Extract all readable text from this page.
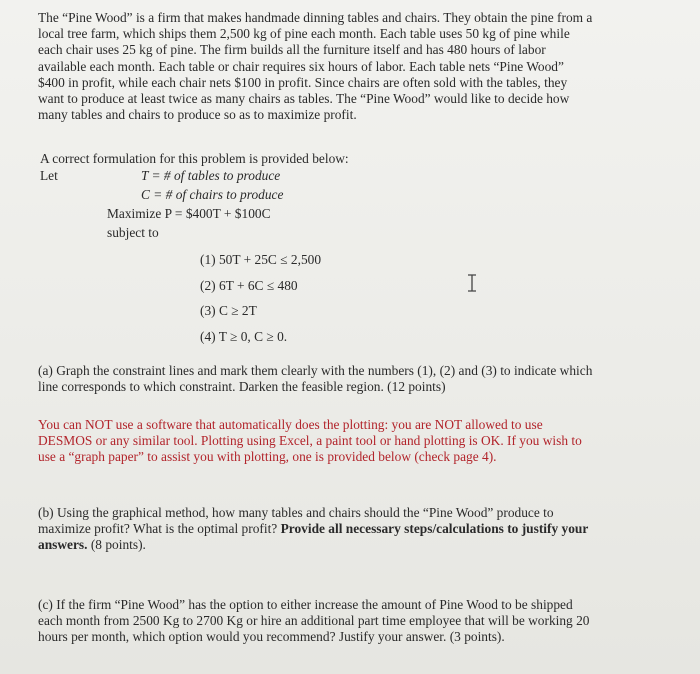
The “Pine Wood” is a firm that makes handmade dinning tables and chairs. They obtain the pine from a
local tree farm, which ships them 2,500 kg of pine each month. Each table uses 50 kg of pine while
each chair uses 25 kg of pine. The firm builds all the furniture itself and has 480 hours of labor
available each month. Each table or chair requires six hours of labor. Each table nets “Pine Wood”
$400 in profit, while each chair nets $100 in profit. Since chairs are often sold with the tables, they
want to produce at least twice as many chairs as tables. The “Pine Wood” would like to decide how
many tables and chairs to produce so as to maximize profit.

A correct formulation for this problem is provided below:
Let	T = # of tables to produce
C = # of chairs to produce
Maximize P = $400T + $100C
subject to
(1) 50T + 25C ≤ 2,500
(2) 6T + 6C ≤ 480
(3) C ≥ 2T
(4) T ≥ 0, C ≥ 0.

(a) Graph the constraint lines and mark them clearly with the numbers (1), (2) and (3) to indicate which
line corresponds to which constraint. Darken the feasible region. (12 points)

You can NOT use a software that automatically does the plotting: you are NOT allowed to use
DESMOS or any similar tool. Plotting using Excel, a paint tool or hand plotting is OK. If you wish to
use a “graph paper” to assist you with plotting, one is provided below (check page 4).

(b) Using the graphical method, how many tables and chairs should the “Pine Wood” produce to
maximize profit? What is the optimal profit? Provide all necessary steps/calculations to justify your
answers. (8 points).

(c) If the firm “Pine Wood” has the option to either increase the amount of Pine Wood to be shipped
each month from 2500 Kg to 2700 Kg or hire an additional part time employee that will be working 20
hours per month, which option would you recommend? Justify your answer. (3 points).
